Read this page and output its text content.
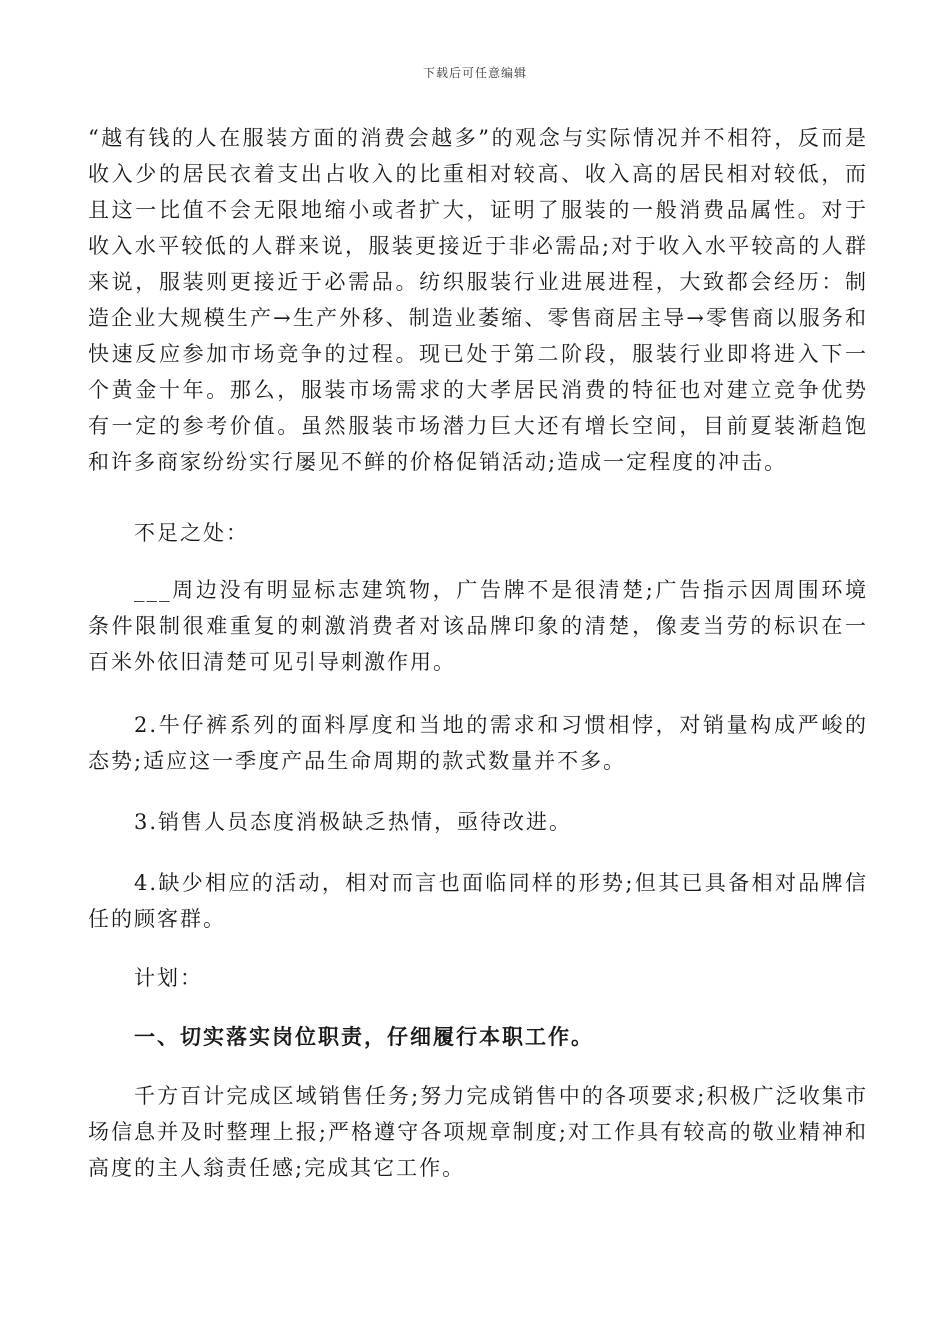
下载后可任意编辑

“越有钱的人在服装方面的消费会越多”的观念与实际情况并不相符，反而是收入少的居民衣着支出占收入的比重相对较高、收入高的居民相对较低，而且这一比值不会无限地缩小或者扩大，证明了服装的一般消费品属性。对于收入水平较低的人群来说，服装更接近于非必需品;对于收入水平较高的人群来说，服装则更接近于必需品。纺织服装行业进展进程，大致都会经历：制造企业大规模生产→生产外移、制造业萎缩、零售商居主导→零售商以服务和快速反应参加市场竞争的过程。现已处于第二阶段，服装行业即将进入下一个黄金十年。那么，服装市场需求的大孝居民消费的特征也对建立竞争优势有一定的参考价值。虽然服装市场潜力巨大还有增长空间，目前夏装渐趋饱和许多商家纷纷实行屡见不鲜的价格促销活动;造成一定程度的冲击。

不足之处：

___周边没有明显标志建筑物，广告牌不是很清楚;广告指示因周围环境条件限制很难重复的刺激消费者对该品牌印象的清楚，像麦当劳的标识在一百米外依旧清楚可见引导刺激作用。

2.牛仔裤系列的面料厚度和当地的需求和习惯相悖，对销量构成严峻的态势;适应这一季度产品生命周期的款式数量并不多。

3.销售人员态度消极缺乏热情，亟待改进。

4.缺少相应的活动，相对而言也面临同样的形势;但其已具备相对品牌信任的顾客群。

计划：

一、切实落实岗位职责，仔细履行本职工作。

千方百计完成区域销售任务;努力完成销售中的各项要求;积极广泛收集市场信息并及时整理上报;严格遵守各项规章制度;对工作具有较高的敬业精神和高度的主人翁责任感;完成其它工作。
